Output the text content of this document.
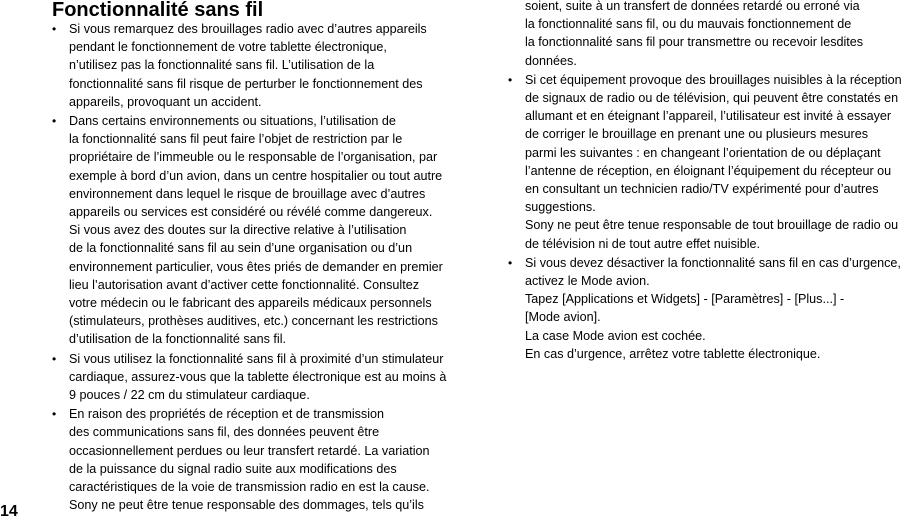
Fonctionnalité sans fil
• Si vous remarquez des brouillages radio avec d’autres appareils
pendant le fonctionnement de votre tablette électronique,
n’utilisez pas la fonctionnalité sans fil. L’utilisation de la
fonctionnalité sans fil risque de perturber le fonctionnement des
appareils, provoquant un accident.
• Dans certains environnements ou situations, l’utilisation de
la fonctionnalité sans fil peut faire l’objet de restriction par le
propriétaire de l’immeuble ou le responsable de l’organisation, par
exemple à bord d’un avion, dans un centre hospitalier ou tout autre
environnement dans lequel le risque de brouillage avec d’autres
appareils ou services est considéré ou révélé comme dangereux.
Si vous avez des doutes sur la directive relative à l’utilisation
de la fonctionnalité sans fil au sein d’une organisation ou d’un
environnement particulier, vous êtes priés de demander en premier
lieu l’autorisation avant d’activer cette fonctionnalité. Consultez
votre médecin ou le fabricant des appareils médicaux personnels
(stimulateurs, prothèses auditives, etc.) concernant les restrictions
d’utilisation de la fonctionnalité sans fil.
• Si vous utilisez la fonctionnalité sans fil à proximité d’un stimulateur
cardiaque, assurez-vous que la tablette électronique est au moins à
9 pouces / 22 cm du stimulateur cardiaque.
• En raison des propriétés de réception et de transmission
des communications sans fil, des données peuvent être
occasionnellement perdues ou leur transfert retardé. La variation
de la puissance du signal radio suite aux modifications des
caractéristiques de la voie de transmission radio en est la cause.
Sony ne peut être tenue responsable des dommages, tels qu’ils
soient, suite à un transfert de données retardé ou erroné via
la fonctionnalité sans fil, ou du mauvais fonctionnement de
la fonctionnalité sans fil pour transmettre ou recevoir lesdites
données.
• Si cet équipement provoque des brouillages nuisibles à la réception
de signaux de radio ou de télévision, qui peuvent être constatés en
allumant et en éteignant l’appareil, l’utilisateur est invité à essayer
de corriger le brouillage en prenant une ou plusieurs mesures
parmi les suivantes : en changeant l’orientation de ou déplaçant
l’antenne de réception, en éloignant l’équipement du récepteur ou
en consultant un technicien radio/TV expérimenté pour d’autres
suggestions.
Sony ne peut être tenue responsable de tout brouillage de radio ou
de télévision ni de tout autre effet nuisible.
• Si vous devez désactiver la fonctionnalité sans fil en cas d’urgence,
activez le Mode avion.
Tapez [Applications et Widgets] - [Paramètres] - [Plus...] -
[Mode avion].
La case Mode avion est cochée.
En cas d’urgence, arrêtez votre tablette électronique.
14
